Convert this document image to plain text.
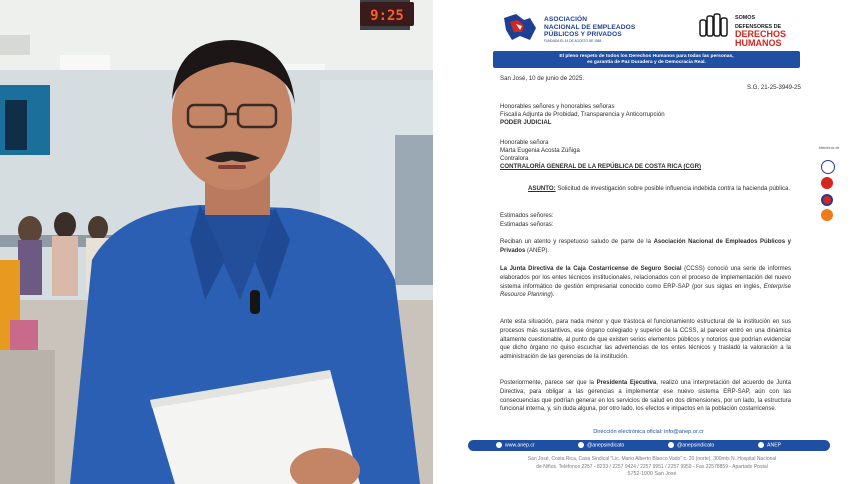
9:25	ASOCIACIÓN
NACIONAL DE EMPLEADOS
PÚBLICOS Y PRIVADOS
FUNDADA EL 14 DE AGOSTO DE 1958
SOMOS
DEFENSORES DE
DERECHOS HUMANOS
El pleno respeto de todos los Derechos Humanos para todas las personas,
es garantía de Paz Duradera y de Democracia Real.
San José, 10 de junio de 2025.
S.G. 21-25-3949-25
Honorables señores y honorables señoras
Fiscalía Adjunta de Probidad, Transparencia y Anticorrupción
PODER JUDICIAL
Honorable señora
Marta Eugenia Acosta Zúñiga
Contralora
CONTRALORÍA GENERAL DE LA REPÚBLICA DE COSTA RICA (CGR)
ASUNTO: Solicitud de investigación sobre posible influencia indebida contra la hacienda pública.
Estimados señores:
Estimadas señoras:
Reciban un atento y respetuoso saludo de parte de la Asociación Nacional de Empleados Públicos y Privados (ANEP).
La Junta Directiva de la Caja Costarricense de Seguro Social (CCSS) conoció una serie de informes elaborados por los entes técnicos institucionales, relacionados con el proceso de implementación del nuevo sistema informático de gestión empresarial conocido como ERP-SAP (por sus siglas en inglés, Enterprise Resource Planning).
Ante esta situación, para nada menor y que trastoca el funcionamiento estructural de la institución en sus procesos más sustantivos, ese órgano colegiado y superior de la CCSS, al parecer entró en una dinámica altamente cuestionable, al punto de que existen serios elementos públicos y notorios que podrían evidenciar que dicho órgano no quiso escuchar las advertencias de los entes técnicos y trasladó la valoración a la administración de las gerencias de la institución.
Posteriormente, parece ser que la Presidenta Ejecutiva, realizó una interpretación del acuerdo de Junta Directiva, para obligar a las gerencias a implementar ese nuevo sistema ERP-SAP, aún con las consecuencias que podrían generar en los servicios de salud en dos dimensiones, por un lado, la estructura funcional interna, y, sin duda alguna, por otro lado, los efectos e impactos en la población costarricense.
Miembros de
Dirección electrónica oficial: info@anep.or.cr
www.anep.cr	@anepsindicato	@anepsindicato	ANEP
San José, Costa Rica, Casa Sindical "Lic. Mario Alberto Blanco Vado" c. 20 (norte), 300mts N. Hospital Nacional
de Niños. Teléfonos 2257 - 8233 / 2257 9424 / 2257 9951 / 2257 9959 - Fax 22578859 - Apartado Postal
5752-1000 San José
